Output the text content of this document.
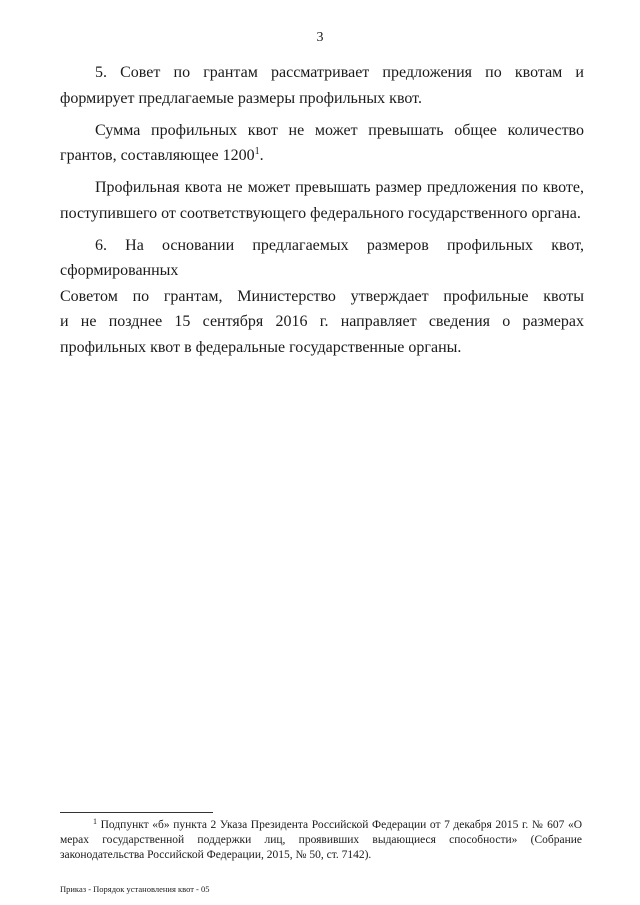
3

5. Совет по грантам рассматривает предложения по квотам и формирует предлагаемые размеры профильных квот.

Сумма профильных квот не может превышать общее количество грантов, составляющее 1200$^1$.

Профильная квота не может превышать размер предложения по квоте, поступившего от соответствующего федерального государственного органа.

6. На основании предлагаемых размеров профильных квот, сформированных
Советом по грантам, Министерство утверждает профильные квоты
и не позднее 15 сентября 2016 г. направляет сведения о размерах профильных квот в федеральные государственные органы.

$^1$ Подпункт «б» пункта 2 Указа Президента Российской Федерации от 7 декабря 2015 г. № 607 «О мерах государственной поддержки лиц, проявивших выдающиеся способности» (Собрание законодательства Российской Федерации, 2015, № 50, ст. 7142).

Приказ - Порядок установления квот - 05
